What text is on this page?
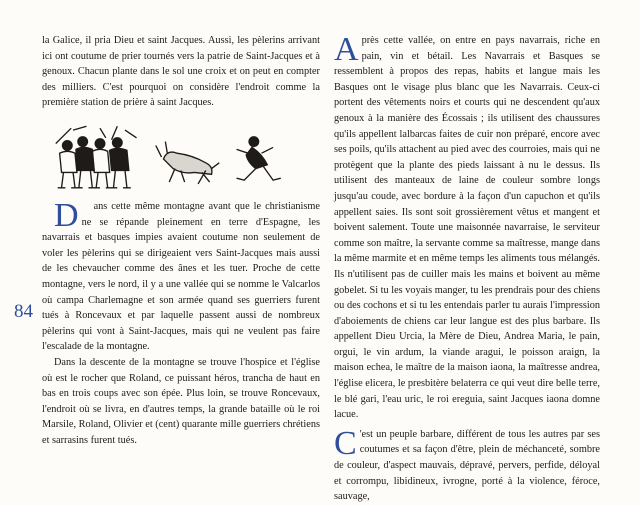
84

la Galice, il pria Dieu et saint Jacques. Aussi, les pèlerins arrivant ici ont coutume de prier tournés vers la patrie de Saint-Jacques et à genoux. Chacun plante dans le sol une croix et on peut en compter des milliers. C'est pourquoi on considère l'endroit comme la première station de prière à saint Jacques.

D ans cette même montagne avant que le christianisme ne se répande pleinement en terre d'Espagne, les navarrais et basques impies avaient coutume non seulement de voler les pèlerins qui se dirigeaient vers Saint-Jacques mais aussi de les chevaucher comme des ânes et les tuer. Proche de cette montagne, vers le nord, il y a une vallée qui se nomme le Valcarlos où campa Charlemagne et son armée quand ses guerriers furent tués à Roncevaux et par laquelle passent aussi de nombreux pèlerins qui vont à Saint-Jacques, mais qui ne veulent pas faire l'escalade de la montagne.

Dans la descente de la montagne se trouve l'hospice et l'église où est le rocher que Roland, ce puissant héros, trancha de haut en bas en trois coups avec son épée. Plus loin, se trouve Roncevaux, l'endroit où se livra, en d'autres temps, la grande bataille où le roi Marsile, Roland, Olivier et (cent) quarante mille guerriers chrétiens et sarrasins furent tués.

Après cette vallée, on entre en pays navarrais, riche en pain, vin et bétail. Les Navarrais et Basques se ressemblent à propos des repas, habits et langue mais les Basques ont le visage plus blanc que les Navarrais. Ceux-ci portent des vêtements noirs et courts qui ne descendent qu'aux genoux à la manière des Écossais ; ils utilisent des chaussures qu'ils appellent lalbarcas faites de cuir non préparé, encore avec ses poils, qu'ils attachent au pied avec des courroies, mais qui ne protègent que la plante des pieds laissant à nu le dessus. Ils utilisent des manteaux de laine de couleur sombre longs jusqu'au coude, avec bordure à la façon d'un capuchon et qu'ils appellent saies. Ils sont soit grossièrement vêtus et mangent et boivent salement. Toute une maisonnée navarraise, le serviteur comme son maître, la servante comme sa maîtresse, mange dans la même marmite et en même temps les aliments tous mélangés. Ils n'utilisent pas de cuiller mais les mains et boivent au même gobelet. Si tu les voyais manger, tu les prendrais pour des chiens ou des cochons et si tu les entendais parler tu aurais l'impression d'aboiements de chiens car leur langue est des plus barbare. Ils appellent Dieu Urcia, la Mère de Dieu, Andrea Maria, le pain, orgui, le vin ardum, la viande aragui, le poisson araign, la maison echea, le maître de la maison iaona, la maîtresse andrea, l'église elicera, le presbitère belaterra ce qui veut dire belle terre, le blé gari, l'eau uric, le roi ereguia, saint Jacques iaona domne lacue.

C 'est un peuple barbare, différent de tous les autres par ses coutumes et sa façon d'être, plein de méchanceté, sombre de couleur, d'aspect mauvais, dépravé, pervers, perfide, déloyal et corrompu, libidineux, ivrogne, porté à la violence, féroce, sauvage,
